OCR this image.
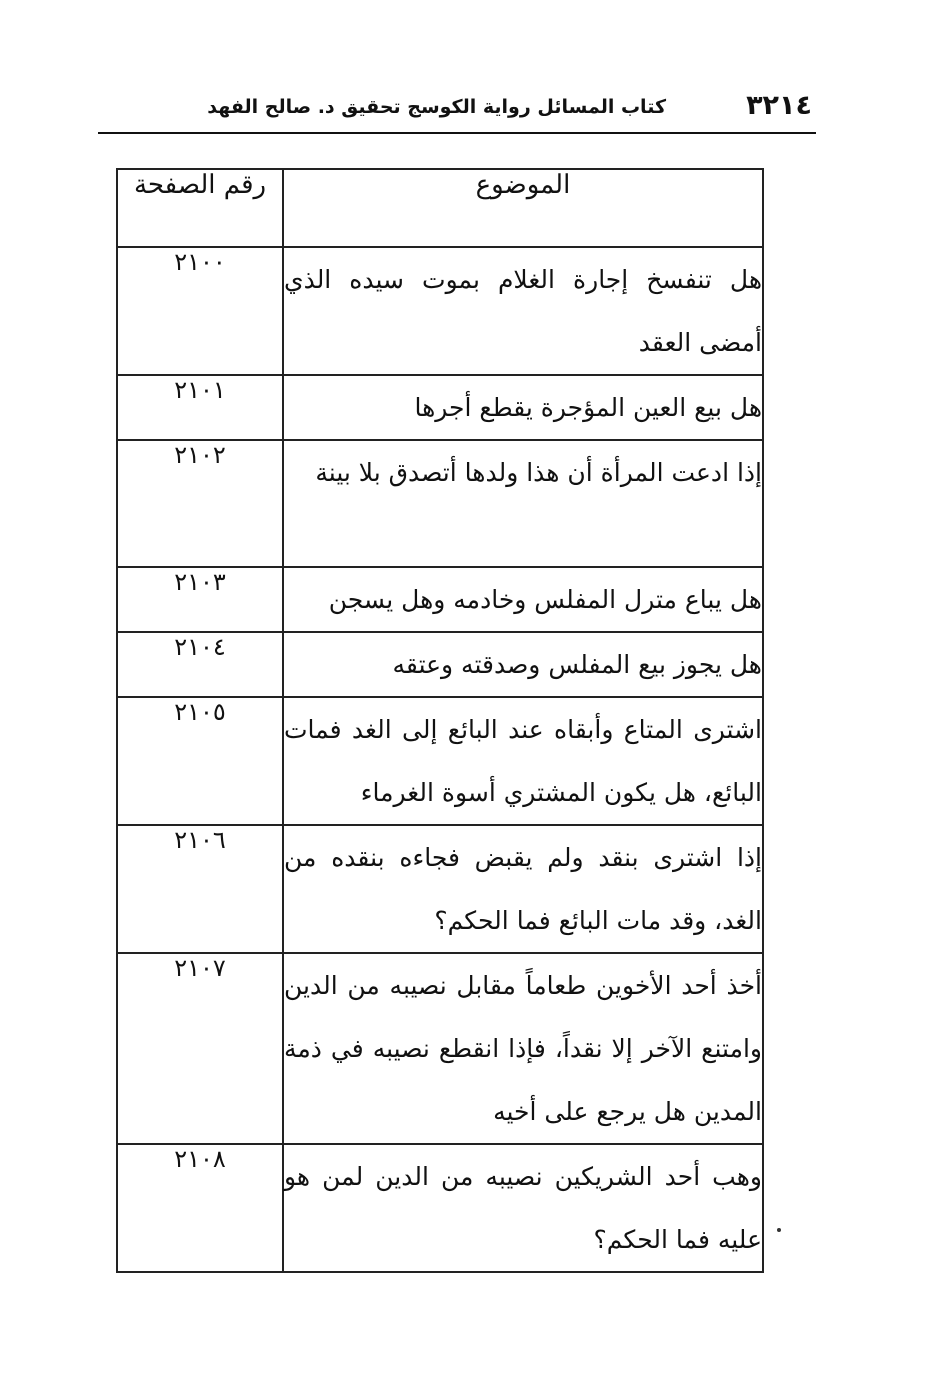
٣٢١٤
كتاب المسائل رواية الكوسج تحقيق د. صالح الفهد
الموضوع	رقم الصفحة
هل تنفسخ إجارة الغلام بموت سيده الذي أمضى العقد	٢١٠٠
هل بيع العين المؤجرة يقطع أجرها	٢١٠١
إذا ادعت المرأة أن هذا ولدها أتصدق بلا بينة	٢١٠٢
هل يباع مترل المفلس وخادمه وهل يسجن	٢١٠٣
هل يجوز بيع المفلس وصدقته وعتقه	٢١٠٤
اشترى المتاع وأبقاه عند البائع إلى الغد فمات البائع، هل يكون المشتري أسوة الغرماء	٢١٠٥
إذا اشترى بنقد ولم يقبض فجاءه بنقده من الغد، وقد مات البائع فما الحكم؟	٢١٠٦
أخذ أحد الأخوين طعاماً مقابل نصيبه من الدين وامتنع الآخر إلا نقداً، فإذا انقطع نصيبه في ذمة المدين هل يرجع على أخيه	٢١٠٧
وهب أحد الشريكين نصيبه من الدين لمن هو عليه فما الحكم؟	٢١٠٨
